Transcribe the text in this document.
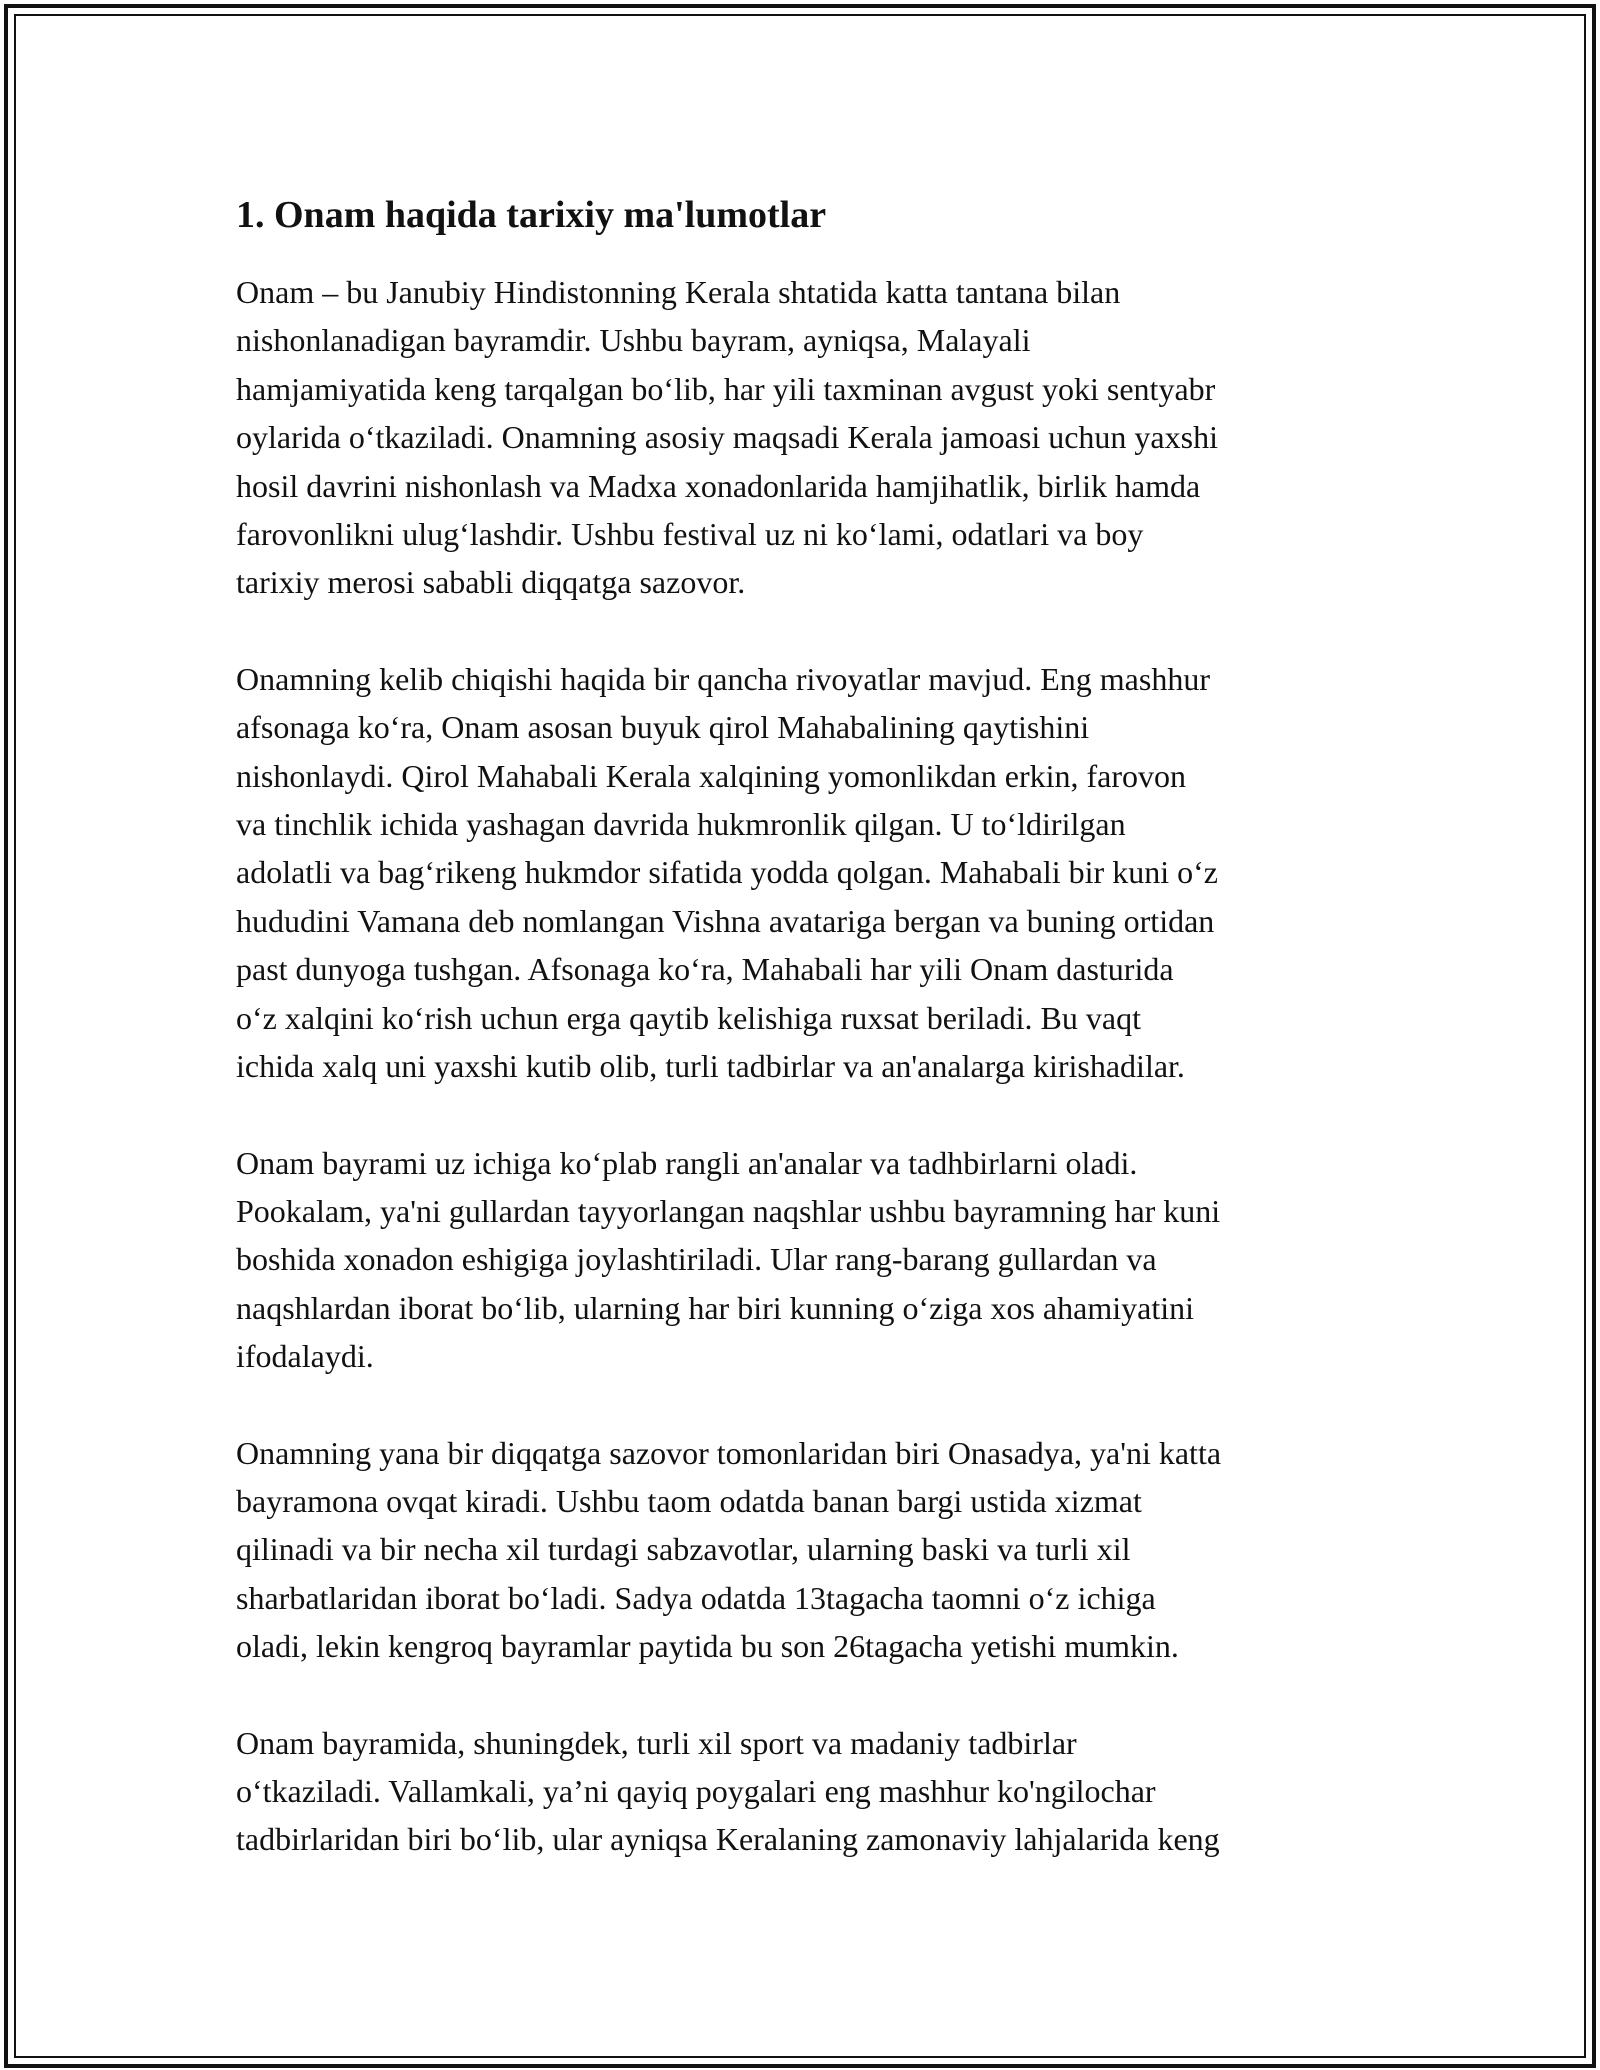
1. Onam haqida tarixiy ma'lumotlar

Onam – bu Janubiy Hindistonning Kerala shtatida katta tantana bilan
nishonlanadigan bayramdir. Ushbu bayram, ayniqsa, Malayali
hamjamiyatida keng tarqalgan bo‘lib, har yili taxminan avgust yoki sentyabr
oylarida o‘tkaziladi. Onamning asosiy maqsadi Kerala jamoasi uchun yaxshi
hosil davrini nishonlash va Madxa xonadonlarida hamjihatlik, birlik hamda
farovonlikni ulug‘lashdir. Ushbu festival uz ni ko‘lami, odatlari va boy
tarixiy merosi sababli diqqatga sazovor.

Onamning kelib chiqishi haqida bir qancha rivoyatlar mavjud. Eng mashhur
afsonaga ko‘ra, Onam asosan buyuk qirol Mahabalining qaytishini
nishonlaydi. Qirol Mahabali Kerala xalqining yomonlikdan erkin, farovon
va tinchlik ichida yashagan davrida hukmronlik qilgan. U to‘ldirilgan
adolatli va bag‘rikeng hukmdor sifatida yodda qolgan. Mahabali bir kuni o‘z
hududini Vamana deb nomlangan Vishna avatariga bergan va buning ortidan
past dunyoga tushgan. Afsonaga ko‘ra, Mahabali har yili Onam dasturida
o‘z xalqini ko‘rish uchun erga qaytib kelishiga ruxsat beriladi. Bu vaqt
ichida xalq uni yaxshi kutib olib, turli tadbirlar va an'analarga kirishadilar.

Onam bayrami uz ichiga ko‘plab rangli an'analar va tadhbirlarni oladi.
Pookalam, ya'ni gullardan tayyorlangan naqshlar ushbu bayramning har kuni
boshida xonadon eshigiga joylashtiriladi. Ular rang-barang gullardan va
naqshlardan iborat bo‘lib, ularning har biri kunning o‘ziga xos ahamiyatini
ifodalaydi.

Onamning yana bir diqqatga sazovor tomonlaridan biri Onasadya, ya'ni katta
bayramona ovqat kiradi. Ushbu taom odatda banan bargi ustida xizmat
qilinadi va bir necha xil turdagi sabzavotlar, ularning baski va turli xil
sharbatlaridan iborat bo‘ladi. Sadya odatda 13tagacha taomni o‘z ichiga
oladi, lekin kengroq bayramlar paytida bu son 26tagacha yetishi mumkin.

Onam bayramida, shuningdek, turli xil sport va madaniy tadbirlar
o‘tkaziladi. Vallamkali, ya’ni qayiq poygalari eng mashhur ko'ngilochar
tadbirlaridan biri bo‘lib, ular ayniqsa Keralaning zamonaviy lahjalarida keng
